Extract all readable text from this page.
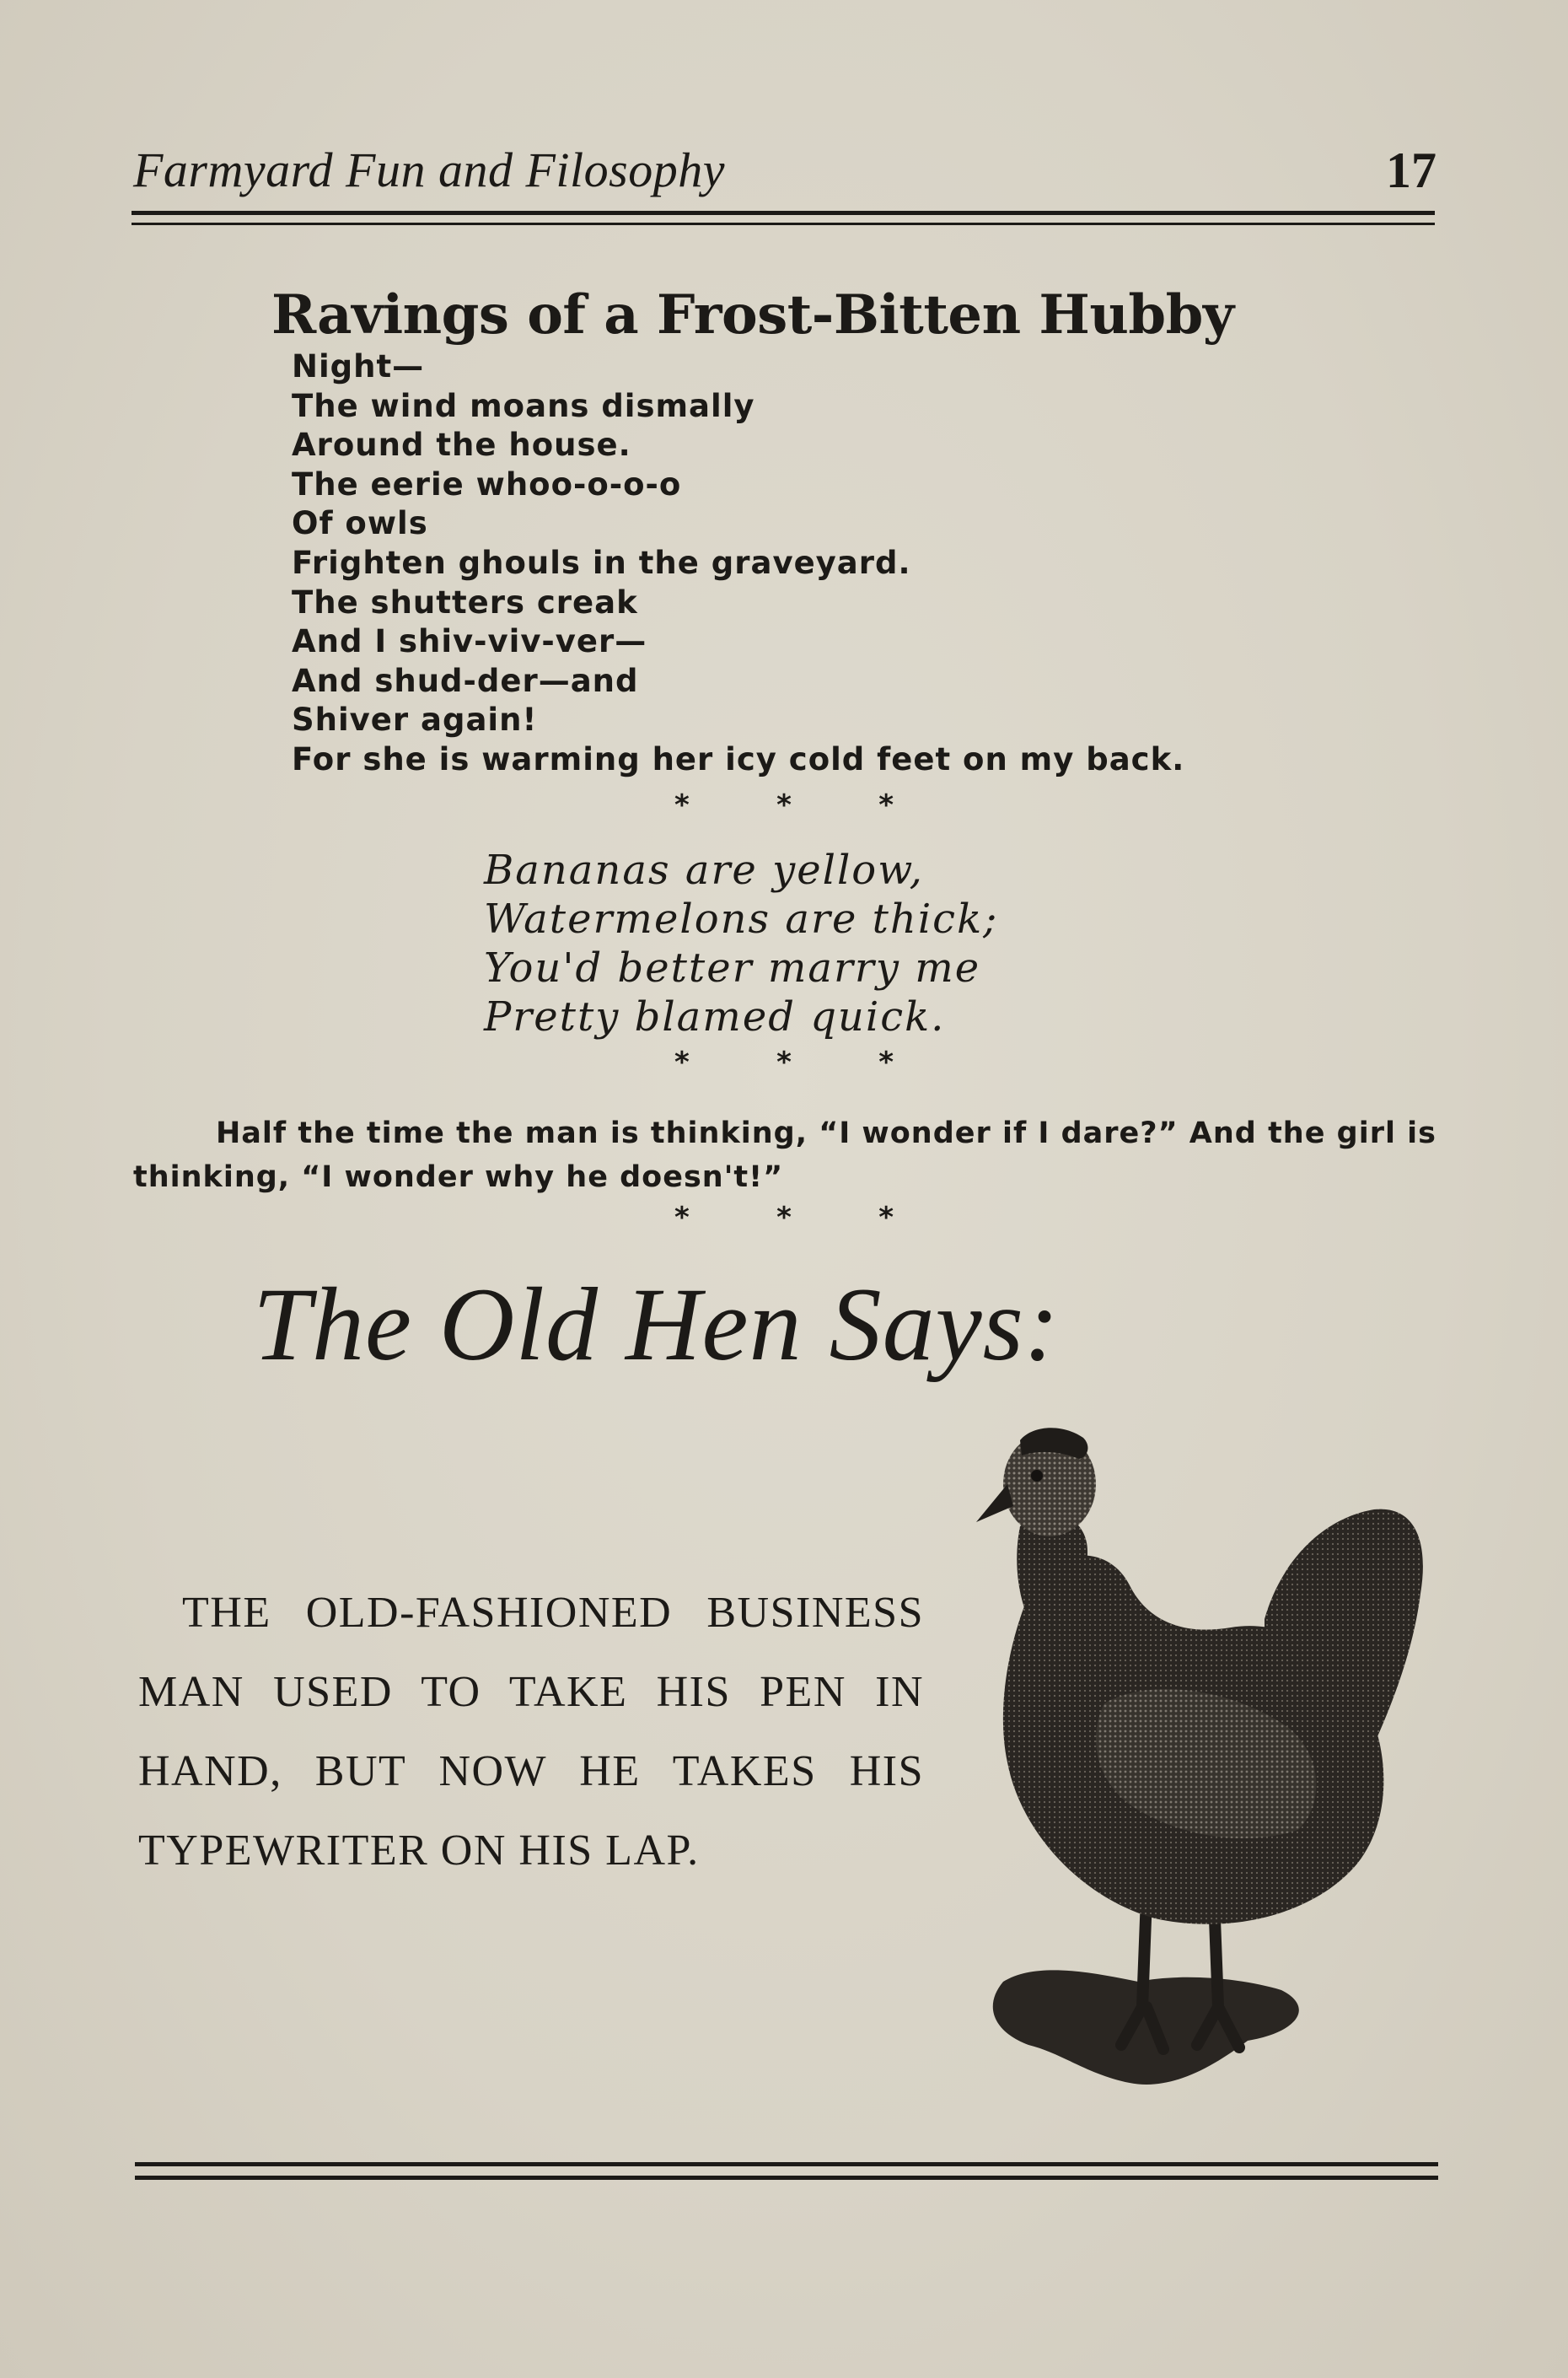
Farmyard Fun and Filosophy	17
Ravings of a Frost-Bitten Hubby
Night—
The wind moans dismally
Around the house.
The eerie whoo-o-o-o
Of owls
Frighten ghouls in the graveyard.
The shutters creak
And I shiv-viv-ver—
And shud-der—and
Shiver again!
For she is warming her icy cold feet on my back.
*	*	*
Bananas are yellow,
Watermelons are thick;
You'd better marry me
Pretty blamed quick.
*	*	*
Half the time the man is thinking, “I wonder if I dare?” And the girl is thinking, “I wonder why he doesn't!”
*	*	*
The Old Hen Says:
THE OLD-FASHIONED BUSINESS MAN USED TO TAKE HIS PEN IN HAND, BUT NOW HE TAKES HIS TYPEWRITER ON HIS LAP.
